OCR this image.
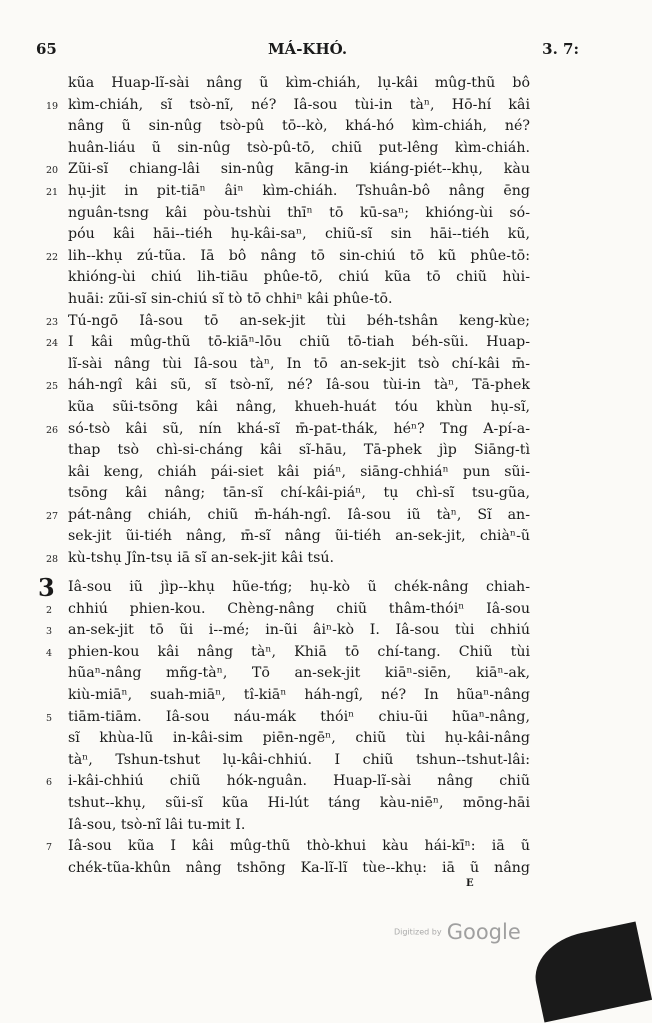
65	MÁ-KHÓ.	3. 7:
kũa Huap-lĩ-sài nâng ũ kìm-chiáh, lụ-kâi mûg-thũ bô
19 kìm-chiáh, sĩ tsò-nĩ, né? Iâ-sou tùi-in tàⁿ, Hō-hí kâi
nâng ũ sin-nûg tsò-pû tō--kò, khá-hó kìm-chiáh, né?
huân-liáu ũ sin-nûg tsò-pû-tō, chiũ put-lêng kìm-chiáh.
20 Zũi-sĩ chiang-lâi sin-nûg kāng-in kiáng-piét--khụ, kàu
21 hụ-jit in pit-tiāⁿ âiⁿ kìm-chiáh. Tshuân-bô nâng ēng
nguân-tsng kâi pòu-tshùi thīⁿ tō kū-saⁿ; khióng-ùi só-
póu kâi hāi--tiéh hụ-kâi-saⁿ, chiũ-sĩ sin hāi--tiéh kũ,
22 lih--khụ zú-tũa. Iā bô nâng tō sin-chiú tō kũ phûe-tō:
khióng-ùi chiú lih-tiāu phûe-tō, chiú kũa tō chiũ hùi-
huāi: zũi-sĩ sin-chiú sĩ tò tō chhiⁿ kâi phûe-tō.
23 Tú-ngō Iâ-sou tō an-sek-jit tùi béh-tshân keng-kùe;
24 I kâi mûg-thũ tō-kiāⁿ-lōu chiũ tō-tiah béh-sũi. Huap-
lĩ-sài nâng tùi Iâ-sou tàⁿ, In tō an-sek-jit tsò chí-kâi m̄-
25 háh-ngî kâi sũ, sĩ tsò-nĩ, né? Iâ-sou tùi-in tàⁿ, Tā-phek
kũa sũi-tsōng kâi nâng, khueh-huát tóu khùn hụ-sĩ,
26 só-tsò kâi sũ, nín khá-sĩ m̄-pat-thák, héⁿ? Tng A-pí-a-
thap tsò chì-si-cháng kâi sĩ-hāu, Tā-phek jìp Siāng-tì
kâi keng, chiáh pái-siet kâi piáⁿ, siāng-chhiáⁿ pun sũi-
tsōng kâi nâng; tān-sĩ chí-kâi-piáⁿ, tụ chì-sĩ tsu-gũa,
27 pát-nâng chiáh, chiũ m̄-háh-ngî. Iâ-sou iũ tàⁿ, Sĩ an-
sek-jit ũi-tiéh nâng, m̄-sĩ nâng ũi-tiéh an-sek-jit, chiàⁿ-ũ
28 kù-tshụ Jîn-tsụ iā sĩ an-sek-jit kâi tsú.
3 Iâ-sou iũ jìp--khụ hũe-tńg; hụ-kò ũ chék-nâng chiah-
2	chhiú phien-kou. Chèng-nâng chiũ thâm-thóiⁿ Iâ-sou
3	an-sek-jit tō ũi i--mé; in-ũi âiⁿ-kò I. Iâ-sou tùi chhiú
4	phien-kou kâi nâng tàⁿ, Khiā tō chí-tang. Chiũ tùi
hũaⁿ-nâng mñg-tàⁿ, Tō an-sek-jit kiāⁿ-siēn, kiāⁿ-ak,
kiù-miāⁿ, suah-miāⁿ, tî-kiāⁿ háh-ngî, né? In hũaⁿ-nâng
5	tiām-tiām. Iâ-sou náu-mák thóiⁿ chiu-ũi hũaⁿ-nâng,
sĩ khùa-lũ in-kâi-sim piēn-ngēⁿ, chiũ tùi hụ-kâi-nâng
tàⁿ, Tshun-tshut lụ-kâi-chhiú. I chiũ tshun--tshut-lâi:
6	i-kâi-chhiú chiũ hók-nguân. Huap-lĩ-sài nâng chiũ
tshut--khụ, sũi-sĩ kũa Hi-lút táng kàu-niēⁿ, mōng-hāi
Iâ-sou, tsò-nĩ lâi tu-mit I.
7	Iâ-sou kũa I kâi mûg-thũ thò-khui kàu hái-kīⁿ: iā ũ
chék-tũa-khûn nâng tshōng Ka-lĩ-lĩ tùe--khụ: iā ũ nâng
E
Digitized by Google
